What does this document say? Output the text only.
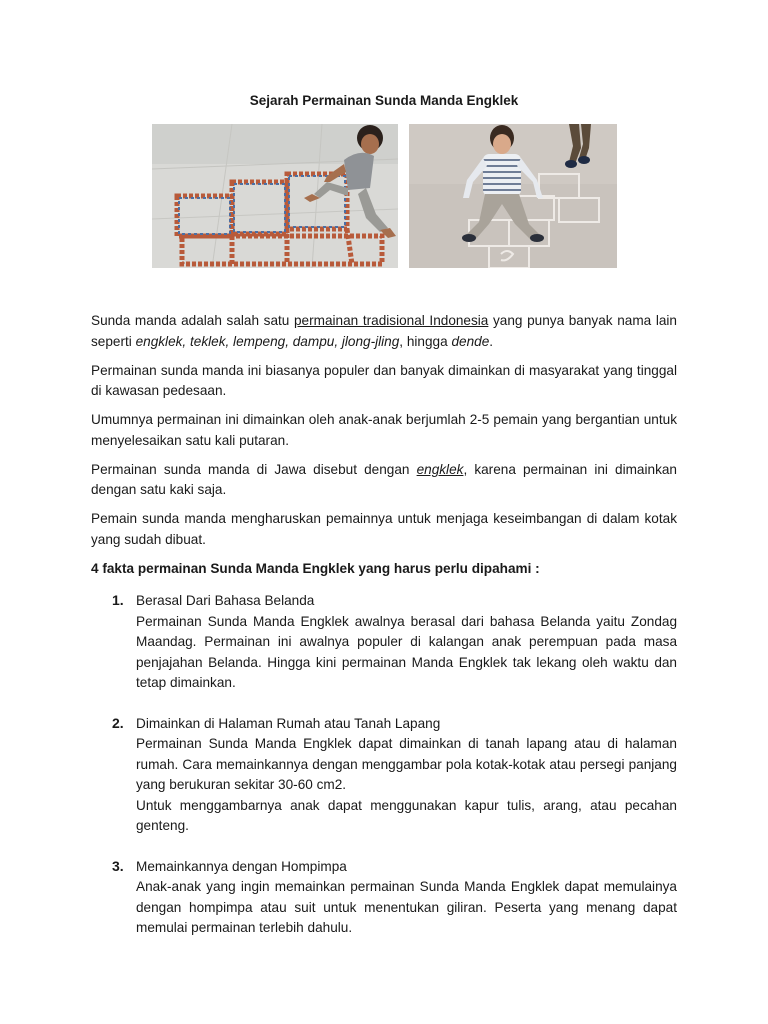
Sejarah Permainan Sunda Manda Engklek

Sunda manda adalah salah satu permainan tradisional Indonesia yang punya banyak nama lain seperti engklek, teklek, lempeng, dampu, jlong-jling, hingga dende.

Permainan sunda manda ini biasanya populer dan banyak dimainkan di masyarakat yang tinggal di kawasan pedesaan.

Umumnya permainan ini dimainkan oleh anak-anak berjumlah 2-5 pemain yang bergantian untuk menyelesaikan satu kali putaran.

Permainan sunda manda di Jawa disebut dengan engklek, karena permainan ini dimainkan dengan satu kaki saja.

Pemain sunda manda mengharuskan pemainnya untuk menjaga keseimbangan di dalam kotak yang sudah dibuat.

4 fakta permainan Sunda Manda Engklek yang harus perlu dipahami :

1. Berasal Dari Bahasa Belanda
Permainan Sunda Manda Engklek awalnya berasal dari bahasa Belanda yaitu Zondag Maandag. Permainan ini awalnya populer di kalangan anak perempuan pada masa penjajahan Belanda. Hingga kini permainan Manda Engklek tak lekang oleh waktu dan tetap dimainkan.
2. Dimainkan di Halaman Rumah atau Tanah Lapang
Permainan Sunda Manda Engklek dapat dimainkan di tanah lapang atau di halaman rumah. Cara memainkannya dengan menggambar pola kotak-kotak atau persegi panjang yang berukuran sekitar 30-60 cm2.
Untuk menggambarnya anak dapat menggunakan kapur tulis, arang, atau pecahan genteng.
3. Memainkannya dengan Hompimpa
Anak-anak yang ingin memainkan permainan Sunda Manda Engklek dapat memulainya dengan hompimpa atau suit untuk menentukan giliran. Peserta yang menang dapat memulai permainan terlebih dahulu.
